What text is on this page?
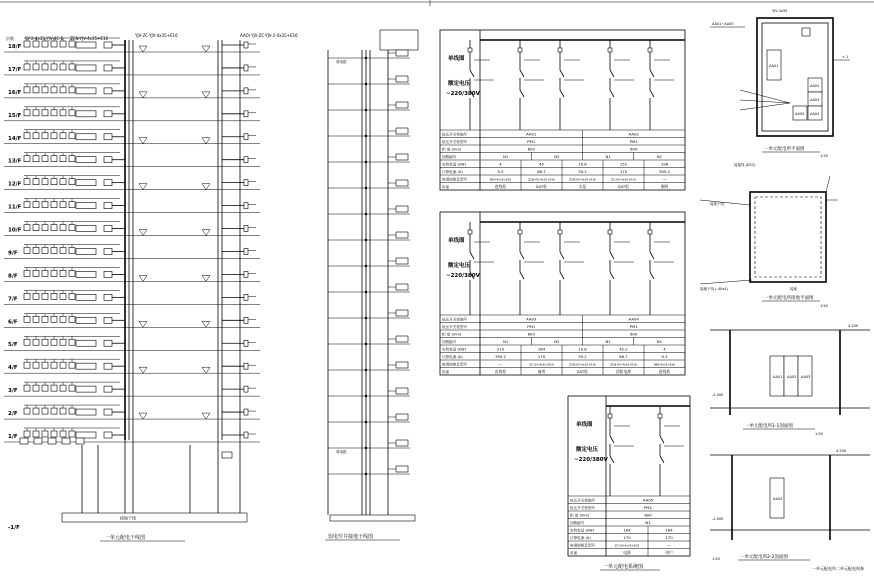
层数	SY-2-4x35 YJV-4C-E ZCN-YJV-4x35+E16
YJV-ZC-YJV-4x35+E16	AAOI YJV-ZC-YJV-2-4x35+E16
18/F
17/F
16/F
15/F
14/F
13/F
12/F
11/F
10/F
9/F
8/F
7/F
6/F
5/F
4/F
3/F
2/F
1/F
-1/F
接地干线
一单元配电干线图
弱电箱
弱电箱
弱电竖井接地干线图
单线图
额定电压
~220/380V
低压开关柜编号	AA01	AA02
低压开关柜型号	PM1	PM1
柜 宽 (mm)	600	600
回路编号	N1	N2	N1	N1
安装容量 (kW)	4	45	19.8	152	198
计算电流 (A)	9.3	86.7	39.2	170	305.2
电缆规格及型号	BDV-4x35+E16	ZCN-YJV-4x35+E16	ZCN-YJV-4x35+E16	ZC-YJV-4x35+E16	—
用途	进线柜	SAT柜	水泵	SAT柜	照明
单线图
额定电压
~220/380V
低压开关柜编号	AA03	AA04
低压开关柜型号	PM1	PM1
柜 宽 (mm)	600	600
回路编号	N1	N2	N1	N1
安装容量 (kW)	210	164	19.8	42.2	4
计算电流 (A)	395.2	170	39.2	86.7	9.3
电缆规格及型号	—	ZC-YJV-4x35+E16	ZCN-YJV-4x35+E16	ZCN-YJV-4x35+E16	NBV-4x35+E16
用途	出线柜	备用	SAT柜	消防电源	进线柜
单线图
额定电压
~220/380V
低压开关柜编号	AA05
低压开关柜型号	PM1
柜 宽 (mm)	600
回路编号	N1
安装容量 (kW)	164	164
计算电流 (A)	170	170
电缆规格及型号	ZC-YJV-4x35+E16	—
用途	电源	用户
一单元配电系统图
AA01~AA05
YJV-4x35
AA01
AA02
AA03
AA04
AA05
+.1
一单元配电所平面图
1:50
接地线 (Ø12)
接地干线
接地干线 (-40x4)	接地
一单元配电所接地平面图
1:50
AA01 AA02 AA03
4.200
-2.000
一单元配电所1-1剖面图
1:50
AA04
4.200
-2.000
一单元配电所2-2剖面图
1:50
一单元配电所二单元配电间参
